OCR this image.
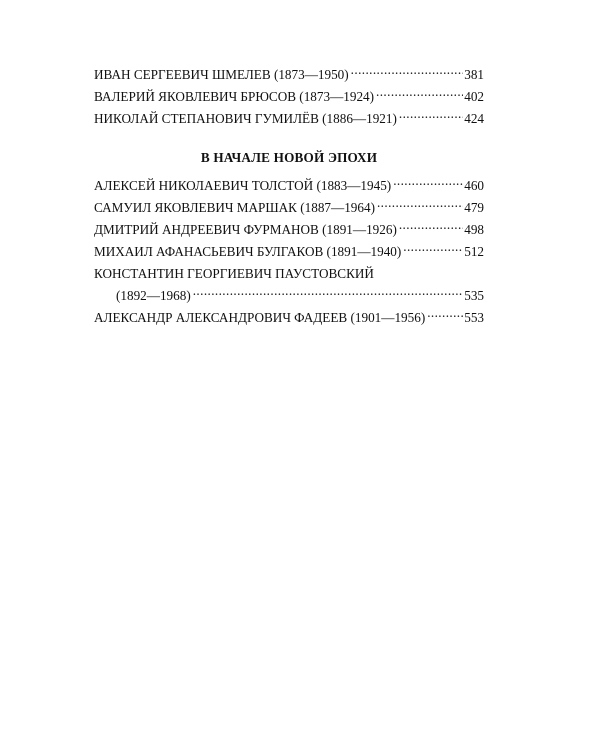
ИВАН СЕРГЕЕВИЧ ШМЕЛЕВ (1873—1950) .....	381
ВАЛЕРИЙ ЯКОВЛЕВИЧ БРЮСОВ (1873—1924) .....	402
НИКОЛАЙ СТЕПАНОВИЧ ГУМИЛЁВ (1886—1921) .....	424
В НАЧАЛЕ НОВОЙ ЭПОХИ
АЛЕКСЕЙ НИКОЛАЕВИЧ ТОЛСТОЙ (1883—1945) .....	460
САМУИЛ ЯКОВЛЕВИЧ МАРШАК (1887—1964) .....	479
ДМИТРИЙ АНДРЕЕВИЧ ФУРМАНОВ (1891—1926) .....	498
МИХАИЛ АФАНАСЬЕВИЧ БУЛГАКОВ (1891—1940) .....	512
КОНСТАНТИН ГЕОРГИЕВИЧ ПАУСТОВСКИЙ
(1892—1968) .....	535
АЛЕКСАНДР АЛЕКСАНДРОВИЧ ФАДЕЕВ (1901—1956) .....	553
